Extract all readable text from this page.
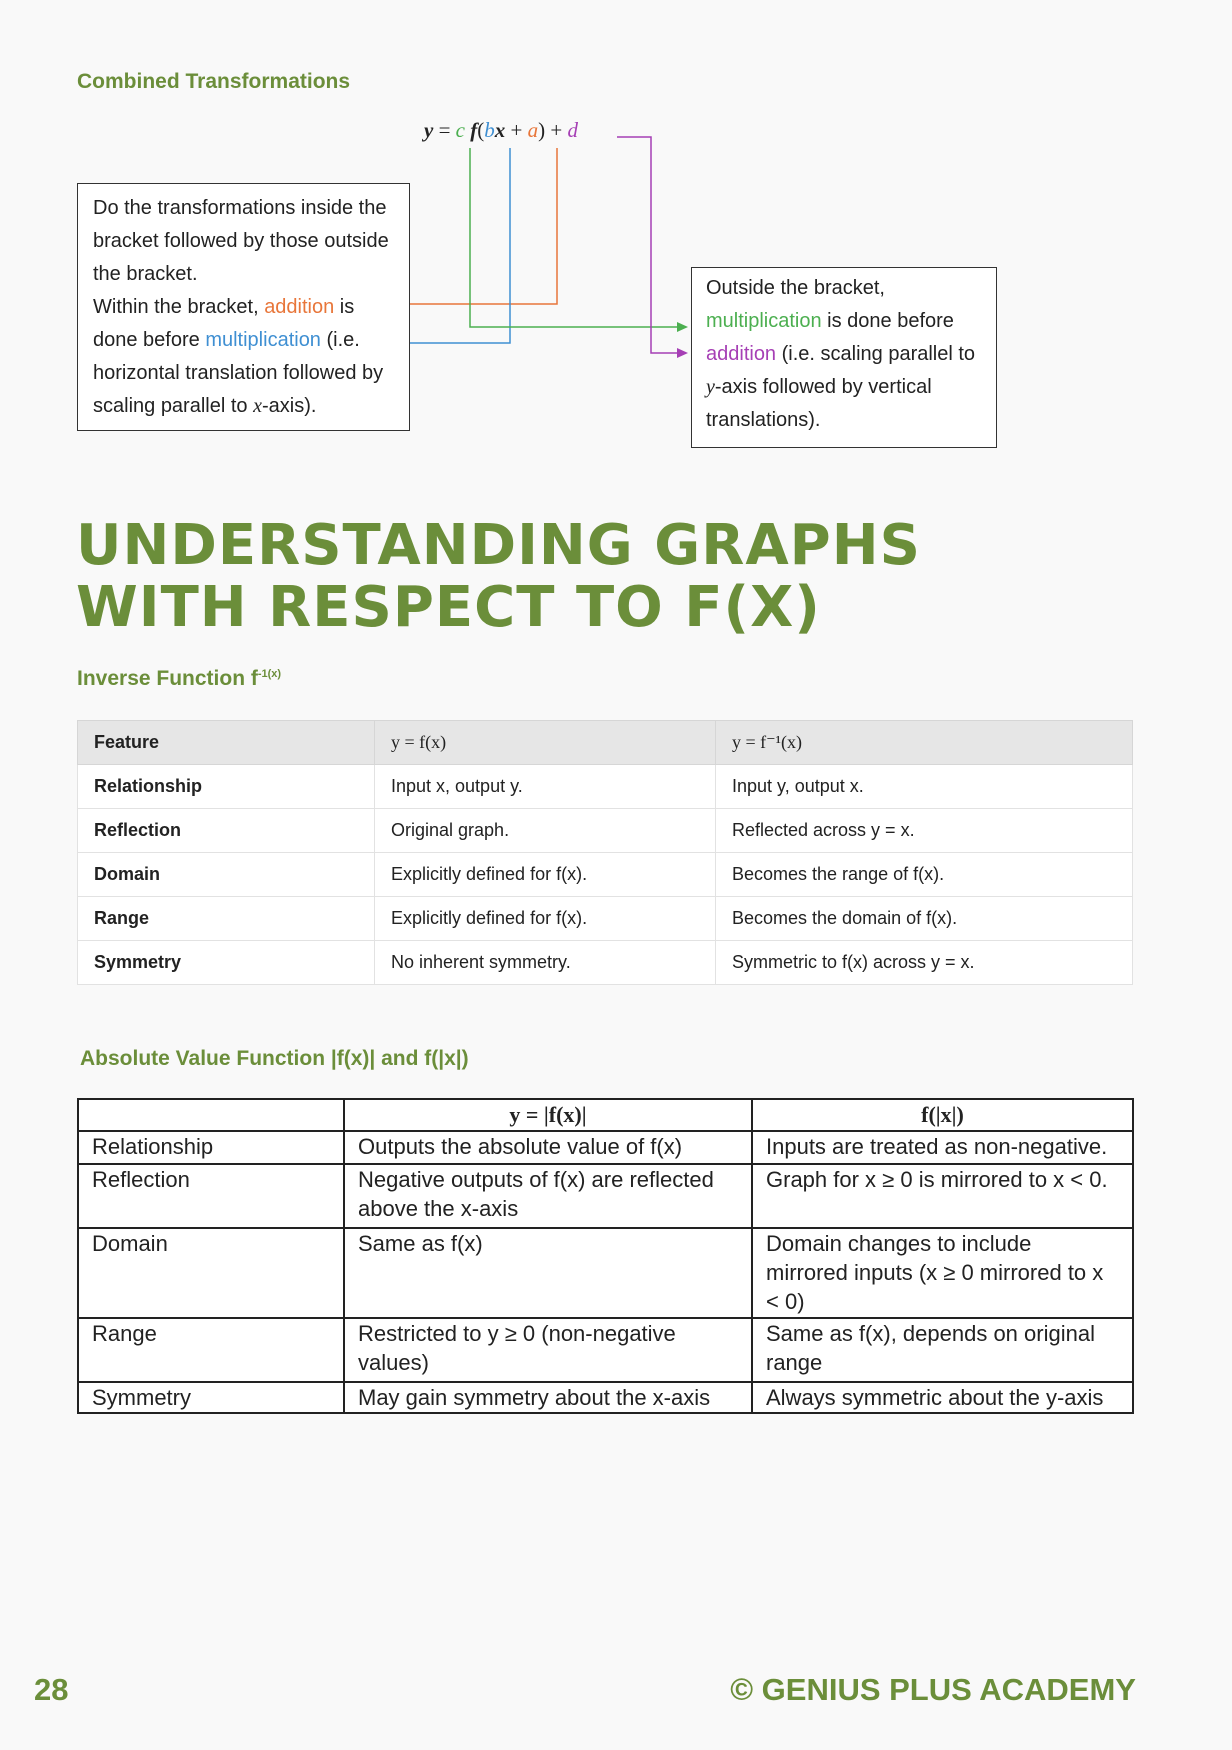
Combined Transformations
y = c f(bx + a) + d
Do the transformations inside the bracket followed by those outside the bracket.
Within the bracket, addition is done before multiplication (i.e. horizontal translation followed by scaling parallel to x-axis).
Outside the bracket,
multiplication is done before addition (i.e. scaling parallel to y-axis followed by vertical translations).
UNDERSTANDING GRAPHS
WITH RESPECT TO F(X)
Inverse Function $f^{-1(x)}$
Feature	y = f(x)	y = f⁻¹(x)
Relationship	Input x, output y.	Input y, output x.
Reflection	Original graph.	Reflected across y = x.
Domain	Explicitly defined for f(x).	Becomes the range of f(x).
Range	Explicitly defined for f(x).	Becomes the domain of f(x).
Symmetry	No inherent symmetry.	Symmetric to f(x) across y = x.
Absolute Value Function |f(x)| and f(|x|)
	y = |f(x)|	f(|x|)
Relationship	Outputs the absolute value of f(x)	Inputs are treated as non-negative.
Reflection	Negative outputs of f(x) are reflected above the x-axis	Graph for x ≥ 0 is mirrored to x < 0.
Domain	Same as f(x)	Domain changes to include mirrored inputs (x ≥ 0 mirrored to x < 0)
Range	Restricted to y ≥ 0 (non-negative values)	Same as f(x), depends on original range
Symmetry	May gain symmetry about the x-axis	Always symmetric about the y-axis
28	© GENIUS PLUS ACADEMY
